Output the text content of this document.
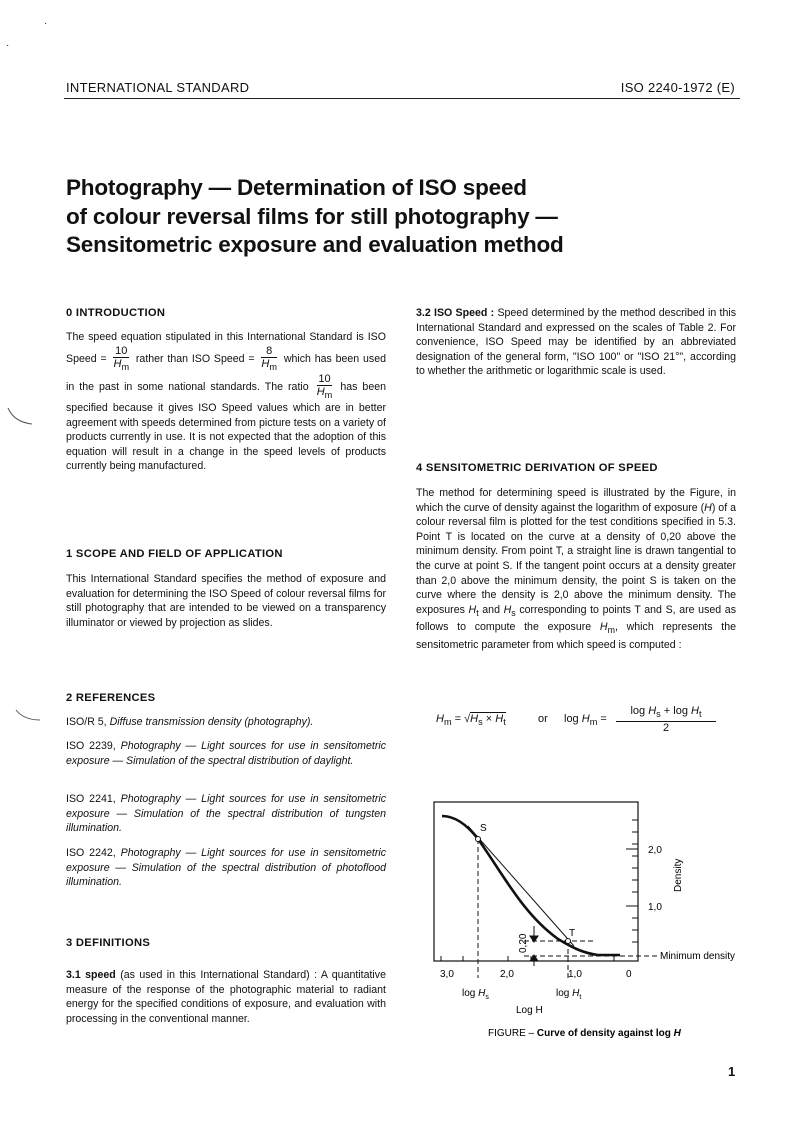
·
·
INTERNATIONAL STANDARD	ISO 2240-1972 (E)
Photography — Determination of ISO speed
of colour reversal films for still photography —
Sensitometric exposure and evaluation method
0 INTRODUCTION
The speed equation stipulated in this International Standard is ISO Speed = $\frac{10}{H_m}$ rather than ISO Speed = $\frac{8}{H_m}$ which has been used in the past in some national standards. The ratio $\frac{10}{H_m}$ has been specified because it gives ISO Speed values which are in better agreement with speeds determined from picture tests on a variety of products currently in use. It is not expected that the adoption of this equation will result in a change in the speed levels of products currently being manufactured.
1 SCOPE AND FIELD OF APPLICATION
This International Standard specifies the method of exposure and evaluation for determining the ISO Speed of colour reversal films for still photography that are intended to be viewed on a transparency illuminator or viewed by projection as slides.
2 REFERENCES
ISO/R 5, Diffuse transmission density (photography).
ISO 2239, Photography — Light sources for use in sensitometric exposure — Simulation of the spectral distribution of daylight.
ISO 2241, Photography — Light sources for use in sensitometric exposure — Simulation of the spectral distribution of tungsten illumination.
ISO 2242, Photography — Light sources for use in sensitometric exposure — Simulation of the spectral distribution of photoflood illumination.
3 DEFINITIONS
3.1 speed (as used in this International Standard) : A quantitative measure of the response of the photographic material to radiant energy for the specified conditions of exposure, and evaluation with processing in the conventional manner.
3.2 ISO Speed : Speed determined by the method described in this International Standard and expressed on the scales of Table 2. For convenience, ISO Speed may be identified by an abbreviated designation of the general form, "ISO 100" or "ISO 21°", according to whether the arithmetic or logarithmic scale is used.
4 SENSITOMETRIC DERIVATION OF SPEED
The method for determining speed is illustrated by the Figure, in which the curve of density against the logarithm of exposure (H) of a colour reversal film is plotted for the test conditions specified in 5.3. Point T is located on the curve at a density of 0,20 above the minimum density. From point T, a straight line is drawn tangential to the curve at point S. If the tangent point occurs at a density greater than 2,0 above the minimum density, the point S is taken on the curve where the density is 2,0 above the minimum density. The exposures $H_t$ and $H_s$ corresponding to points T and S, are used as follows to compute the exposure $H_m$, which represents the sensitometric parameter from which speed is computed :
$H_m = √H_s \times H_t$	or $\log H_m$ =
$\log H_s + \log H_t$
2
S
T
2,0
1,0
Density
Minimum density
0,20
3,0	2,0	1,0	0
$\log H_s$	$\log H_t$
Log H
FIGURE – Curve of density against log H
1
